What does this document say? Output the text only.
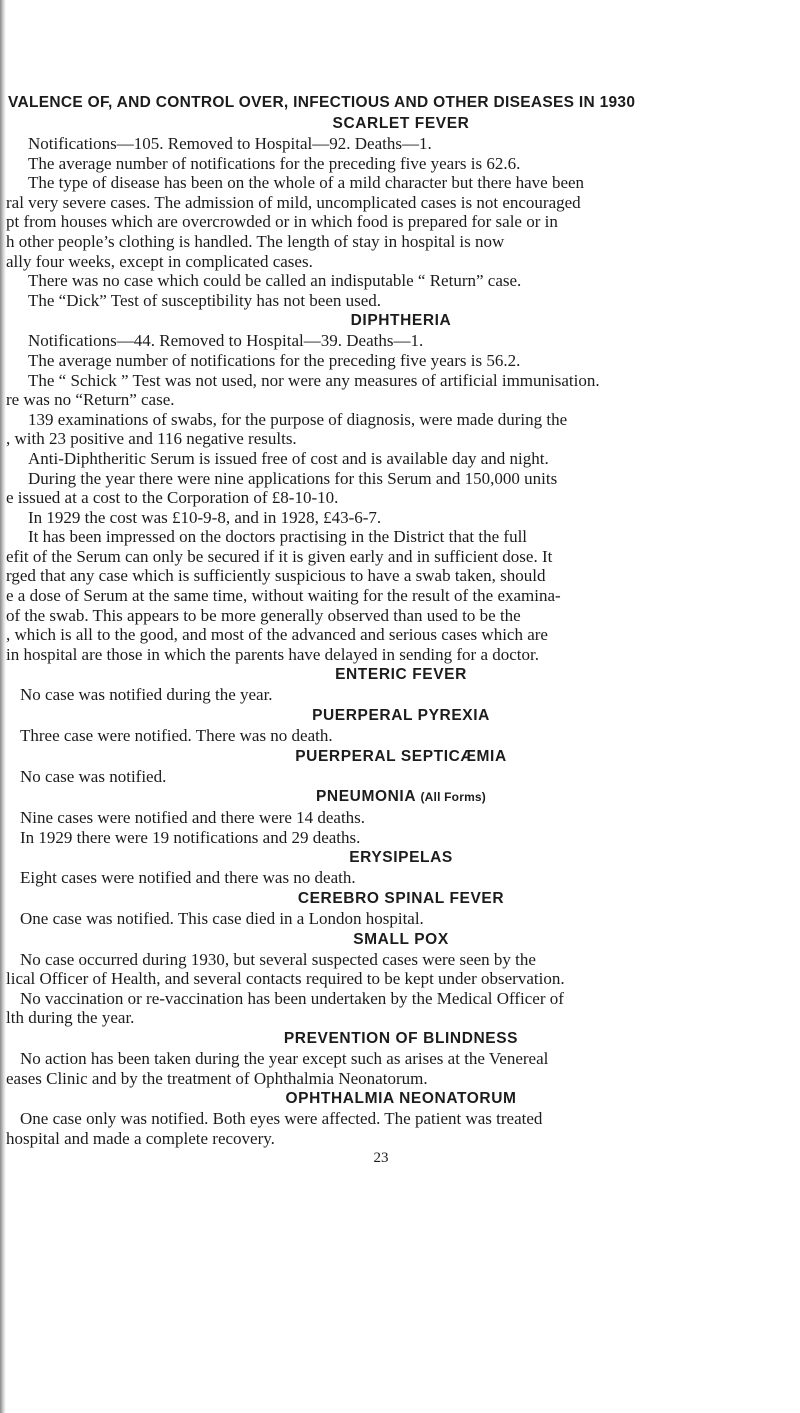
VALENCE OF, AND CONTROL OVER, INFECTIOUS AND OTHER DISEASES IN 1930
SCARLET FEVER

Notifications—105. Removed to Hospital—92. Deaths—1.

The average number of notifications for the preceding five years is 62.6.

The type of disease has been on the whole of a mild character but there have been

ral very severe cases. The admission of mild, uncomplicated cases is not encouraged

pt from houses which are overcrowded or in which food is prepared for sale or in

h other people’s clothing is handled. The length of stay in hospital is now

ally four weeks, except in complicated cases.

There was no case which could be called an indisputable “ Return” case.

The “Dick” Test of susceptibility has not been used.

DIPHTHERIA

Notifications—44. Removed to Hospital—39. Deaths—1.

The average number of notifications for the preceding five years is 56.2.

The “ Schick ” Test was not used, nor were any measures of artificial immunisation.

re was no “Return” case.

139 examinations of swabs, for the purpose of diagnosis, were made during the

, with 23 positive and 116 negative results.

Anti-Diphtheritic Serum is issued free of cost and is available day and night.

During the year there were nine applications for this Serum and 150,000 units

e issued at a cost to the Corporation of £8-10-10.

In 1929 the cost was £10-9-8, and in 1928, £43-6-7.

It has been impressed on the doctors practising in the District that the full

efit of the Serum can only be secured if it is given early and in sufficient dose. It

rged that any case which is sufficiently suspicious to have a swab taken, should

e a dose of Serum at the same time, without waiting for the result of the examina-

of the swab. This appears to be more generally observed than used to be the

, which is all to the good, and most of the advanced and serious cases which are

in hospital are those in which the parents have delayed in sending for a doctor.

ENTERIC FEVER

No case was notified during the year.

PUERPERAL PYREXIA

Three case were notified. There was no death.

PUERPERAL SEPTICÆMIA

No case was notified.

PNEUMONIA (All Forms)

Nine cases were notified and there were 14 deaths.

In 1929 there were 19 notifications and 29 deaths.

ERYSIPELAS

Eight cases were notified and there was no death.

CEREBRO SPINAL FEVER

One case was notified. This case died in a London hospital.

SMALL POX

No case occurred during 1930, but several suspected cases were seen by the

lical Officer of Health, and several contacts required to be kept under observation.

No vaccination or re-vaccination has been undertaken by the Medical Officer of

lth during the year.

PREVENTION OF BLINDNESS

No action has been taken during the year except such as arises at the Venereal

eases Clinic and by the treatment of Ophthalmia Neonatorum.

OPHTHALMIA NEONATORUM

One case only was notified. Both eyes were affected. The patient was treated

hospital and made a complete recovery.

23
